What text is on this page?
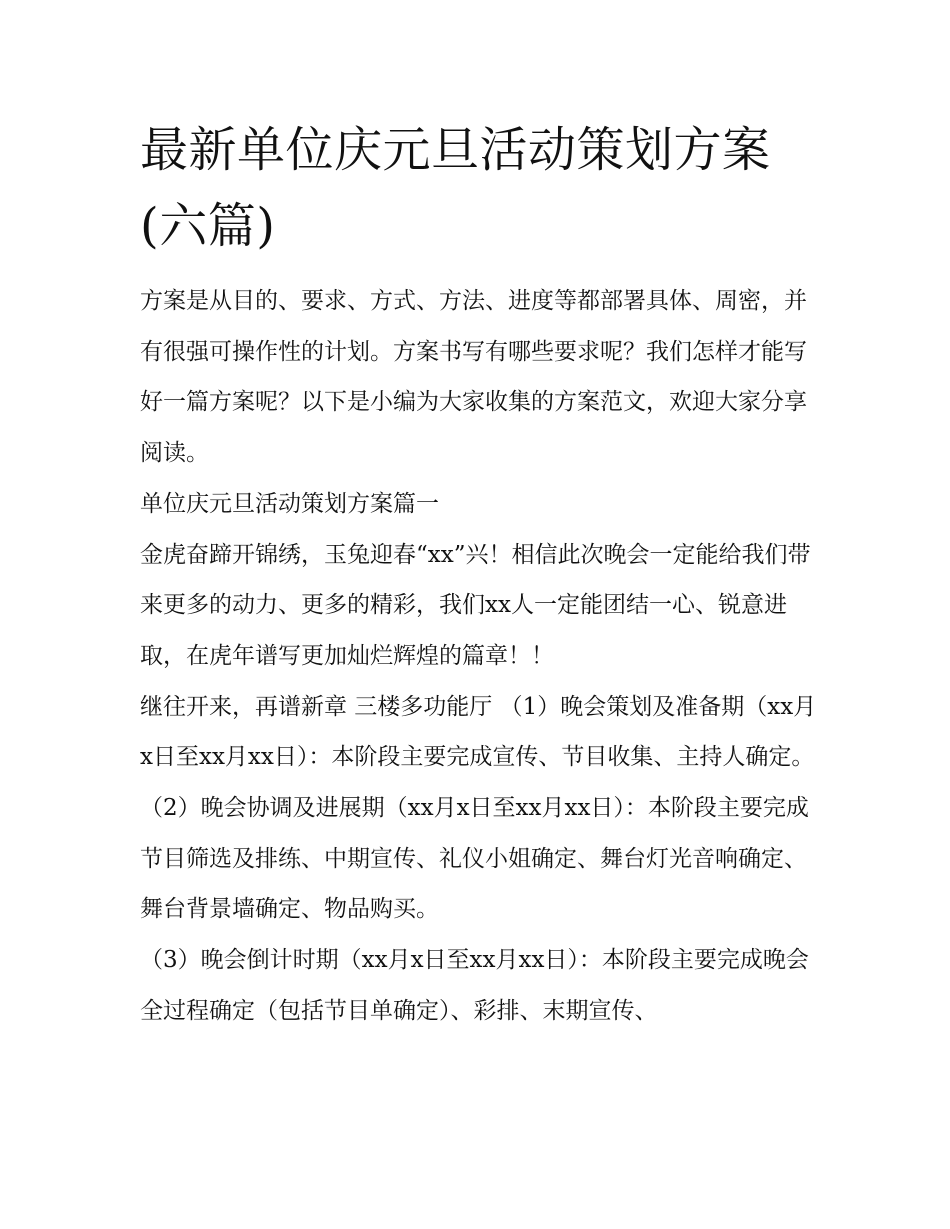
最新单位庆元旦活动策划方案(六篇)

方案是从目的、要求、方式、方法、进度等都部署具体、周密，并有很强可操作性的计划。方案书写有哪些要求呢？我们怎样才能写好一篇方案呢？以下是小编为大家收集的方案范文，欢迎大家分享阅读。

单位庆元旦活动策划方案篇一

金虎奋蹄开锦绣，玉兔迎春“xx”兴！相信此次晚会一定能给我们带来更多的动力、更多的精彩，我们xx人一定能团结一心、锐意进取，在虎年谱写更加灿烂辉煌的篇章！！

继往开来，再谱新章 三楼多功能厅 （1）晚会策划及准备期（xx月x日至xx月xx日）：本阶段主要完成宣传、节目收集、主持人确定。

（2）晚会协调及进展期（xx月x日至xx月xx日）：本阶段主要完成节目筛选及排练、中期宣传、礼仪小姐确定、舞台灯光音响确定、舞台背景墙确定、物品购买。

（3）晚会倒计时期（xx月x日至xx月xx日）：本阶段主要完成晚会全过程确定（包括节目单确定）、彩排、末期宣传、
